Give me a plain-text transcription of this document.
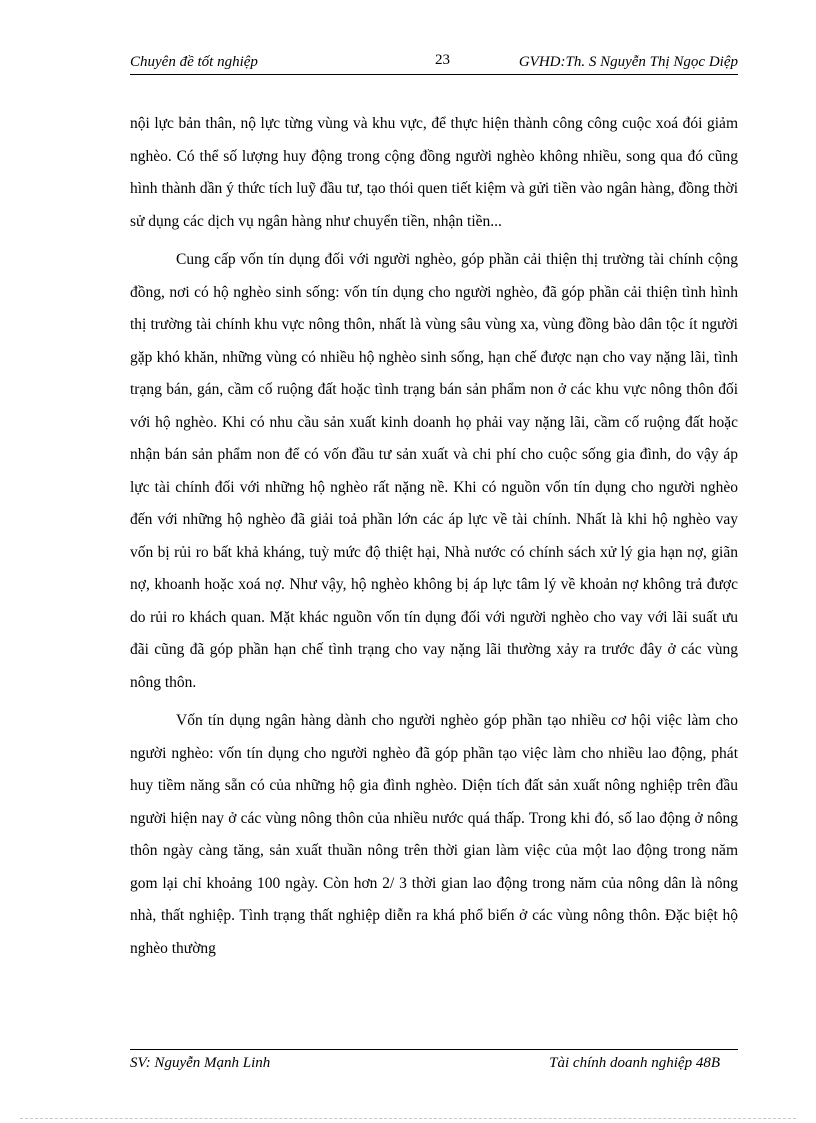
Chuyên đề tốt nghiệp	23	GVHD:Th. S Nguyễn Thị Ngọc Diệp

nội lực bản thân, nộ lực từng vùng và khu vực, để thực hiện thành công công cuộc xoá đói giảm nghèo. Có thể số lượng huy động trong cộng đồng người nghèo không nhiều, song qua đó cũng hình thành dần ý thức tích luỹ đầu tư, tạo thói quen tiết kiệm và gửi tiền vào ngân hàng, đồng thời sử dụng các dịch vụ ngân hàng như chuyển tiền, nhận tiền...

Cung cấp vốn tín dụng đối với người nghèo, góp phần cải thiện thị trường tài chính cộng đồng, nơi có hộ nghèo sinh sống: vốn tín dụng cho người nghèo, đã góp phần cải thiện tình hình thị trường tài chính khu vực nông thôn, nhất là vùng sâu vùng xa, vùng đồng bào dân tộc ít người gặp khó khăn, những vùng có nhiều hộ nghèo sinh sống, hạn chế được nạn cho vay nặng lãi, tình trạng bán, gán, cầm cố ruộng đất hoặc tình trạng bán sản phẩm non ở các khu vực nông thôn đối với hộ nghèo. Khi có nhu cầu sản xuất kinh doanh họ phải vay nặng lãi, cầm cố ruộng đất hoặc nhận bán sản phẩm non để có vốn đầu tư sản xuất và chi phí cho cuộc sống gia đình, do vậy áp lực tài chính đối với những hộ nghèo rất nặng nề. Khi có nguồn vốn tín dụng cho người nghèo đến với những hộ nghèo đã giải toả phần lớn các áp lực về tài chính. Nhất là khi hộ nghèo vay vốn bị rủi ro bất khả kháng, tuỳ mức độ thiệt hại, Nhà nước có chính sách xử lý gia hạn nợ, giãn nợ, khoanh hoặc xoá nợ. Như vậy, hộ nghèo không bị áp lực tâm lý về khoản nợ không trả được do rủi ro khách quan. Mặt khác nguồn vốn tín dụng đối với người nghèo cho vay với lãi suất ưu đãi cũng đã góp phần hạn chế tình trạng cho vay nặng lãi thường xảy ra trước đây ở các vùng nông thôn.

Vốn tín dụng ngân hàng dành cho người nghèo góp phần tạo nhiều cơ hội việc làm cho người nghèo: vốn tín dụng cho người nghèo đã góp phần tạo việc làm cho nhiều lao động, phát huy tiềm năng sẵn có của những hộ gia đình nghèo. Diện tích đất sản xuất nông nghiệp trên đầu người hiện nay ở các vùng nông thôn của nhiều nước quá thấp. Trong khi đó, số lao động ở nông thôn ngày càng tăng, sản xuất thuần nông trên thời gian làm việc của một lao động trong năm gom lại chỉ khoảng 100 ngày. Còn hơn 2/ 3 thời gian lao động trong năm của nông dân là nông nhà, thất nghiệp. Tình trạng thất nghiệp diễn ra khá phổ biến ở các vùng nông thôn. Đặc biệt hộ nghèo thường

SV: Nguyễn Mạnh Linh	Tài chính doanh nghiệp 48B
